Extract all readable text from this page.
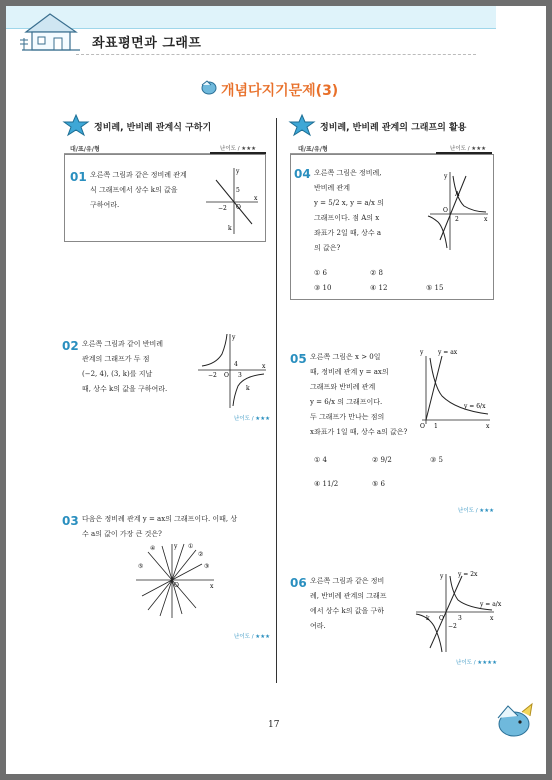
좌표평면과 그래프
개념다지기문제(3)
정비례, 반비례 관계식 구하기	정비례, 반비례 관계의 그래프의 활용
대/표/유/형	난이도 / ★★★
01 오른쪽 그림과 같은 정비례 관계
식 그래프에서 상수 k의 값을
구하여라.
y
x
O
5
−2
k
대/표/유/형	난이도 / ★★★
04 오른쪽 그림은 정비례,
반비례 관계
y = 5/2 x, y = a/x 의
그래프이다. 점 A의 x
좌표가 2일 때, 상수 a
의 값은?
① 6	② 8
③ 10	④ 12	⑤ 15
y
x
A
O
2
02 오른쪽 그림과 같이 반비례
관계의 그래프가 두 점
(−2, 4), (3, k)를 지날
때, 상수 k의 값을 구하여라.
y
x
4
O 3
−2
k
난이도 / ★★★
05 오른쪽 그림은 x > 0일
때, 정비례 관계 y = ax의
그래프와 반비례 관계
y = 6/x 의 그래프이다.
두 그래프가 만나는 점의
x좌표가 1일 때, 상수 a의 값은?
① 4	② 9/2	③ 5
④ 11/2	⑤ 6
y y = ax
y = 6/x
O 1	x
난이도 / ★★★
03 다음은 정비례 관계 y = ax의 그래프이다. 이때, 상
수 a의 값이 가장 큰 것은?
y
x
O
①
②
③
④
⑤
난이도 / ★★★
06 오른쪽 그림과 같은 정비
례, 반비례 관계의 그래프
에서 상수 k의 값을 구하
여라.
y = 2x
y = a/x
y
x
k O 3
−2
난이도 / ★★★★
17
